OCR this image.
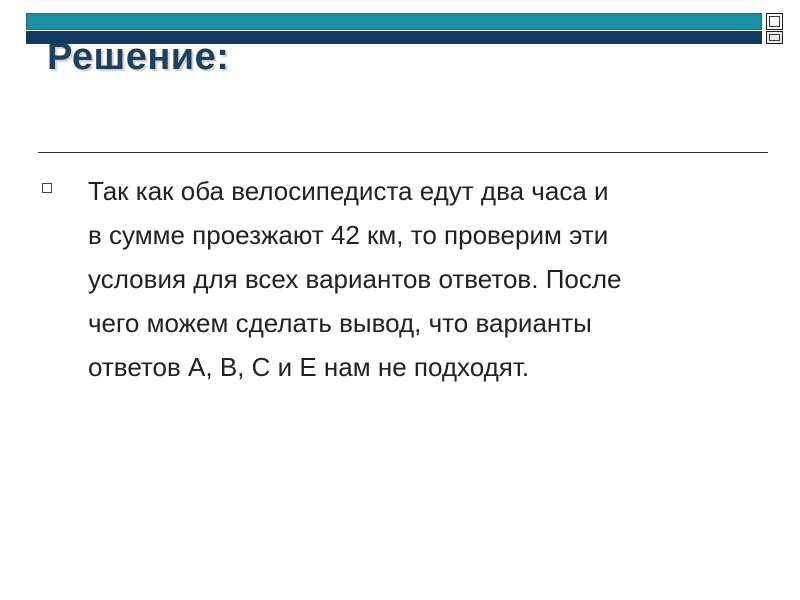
Решение:

Так как оба велосипедиста едут два часа и
в сумме проезжают 42 км, то проверим эти
условия для всех вариантов ответов. После
чего можем сделать вывод, что варианты
ответов А, В, С и Е нам не подходят.
